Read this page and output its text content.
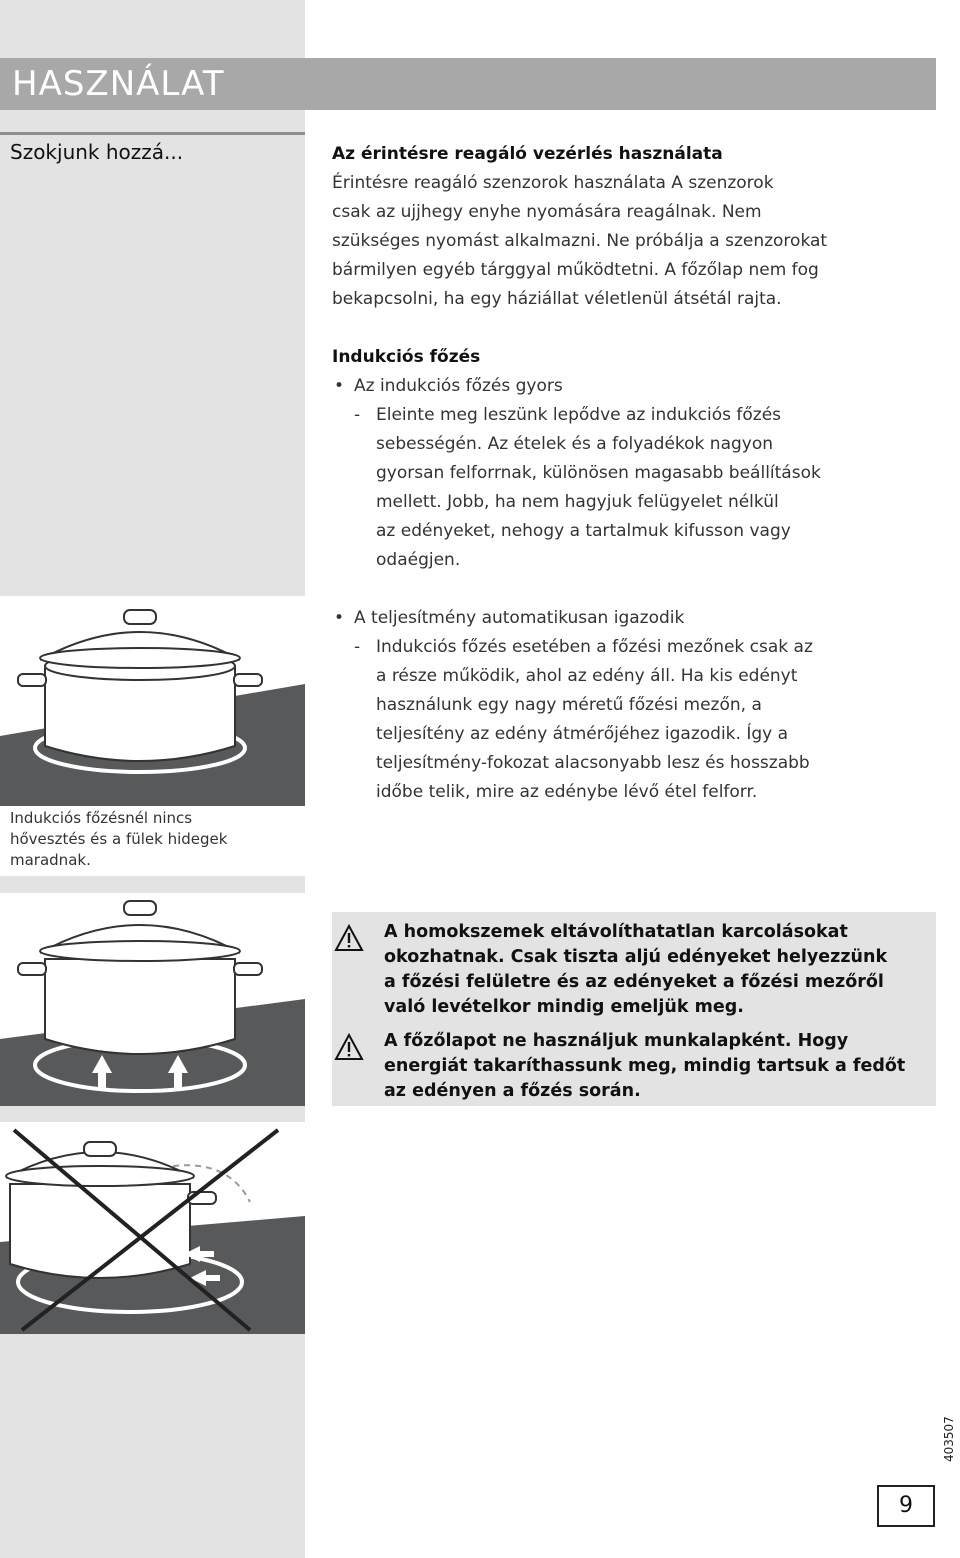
HASZNÁLAT
Szokjunk hozzá...	Az érintésre reagáló vezérlés használata

Érintésre reagáló szenzorok használata A szenzorok

csak az ujjhegy enyhe nyomására reagálnak. Nem

szükséges nyomást alkalmazni. Ne próbálja a szenzorokat

bármilyen egyéb tárggyal működtetni. A főzőlap nem fog

bekapcsolni, ha egy háziállat véletlenül átsétál rajta.

Indukciós főzés

• Az indukciós főzés gyors

- Eleinte meg leszünk lepődve az indukciós főzés

sebességén. Az ételek és a folyadékok nagyon

gyorsan felforrnak, különösen magasabb beállítások

mellett. Jobb, ha nem hagyjuk felügyelet nélkül

az edényeket, nehogy a tartalmuk kifusson vagy

odaégjen.

• A teljesítmény automatikusan igazodik

- Indukciós főzés esetében a főzési mezőnek csak az

a része működik, ahol az edény áll. Ha kis edényt

használunk egy nagy méretű főzési mezőn, a

teljesítény az edény átmérőjéhez igazodik. Így a

teljesítmény-fokozat alacsonyabb lesz és hosszabb

időbe telik, mire az edénybe lévő étel felforr.

Indukciós főzésnél nincs
hővesztés és a fülek hidegek
maradnak.
A homokszemek eltávolíthatatlan karcolásokat
okozhatnak. Csak tiszta aljú edényeket helyezzünk
a főzési felületre és az edényeket a főzési mezőről
való levételkor mindig emeljük meg.
A főzőlapot ne használjuk munkalapként. Hogy
energiát takaríthassunk meg, mindig tartsuk a fedőt
az edényen a főzés során.
403507
9
